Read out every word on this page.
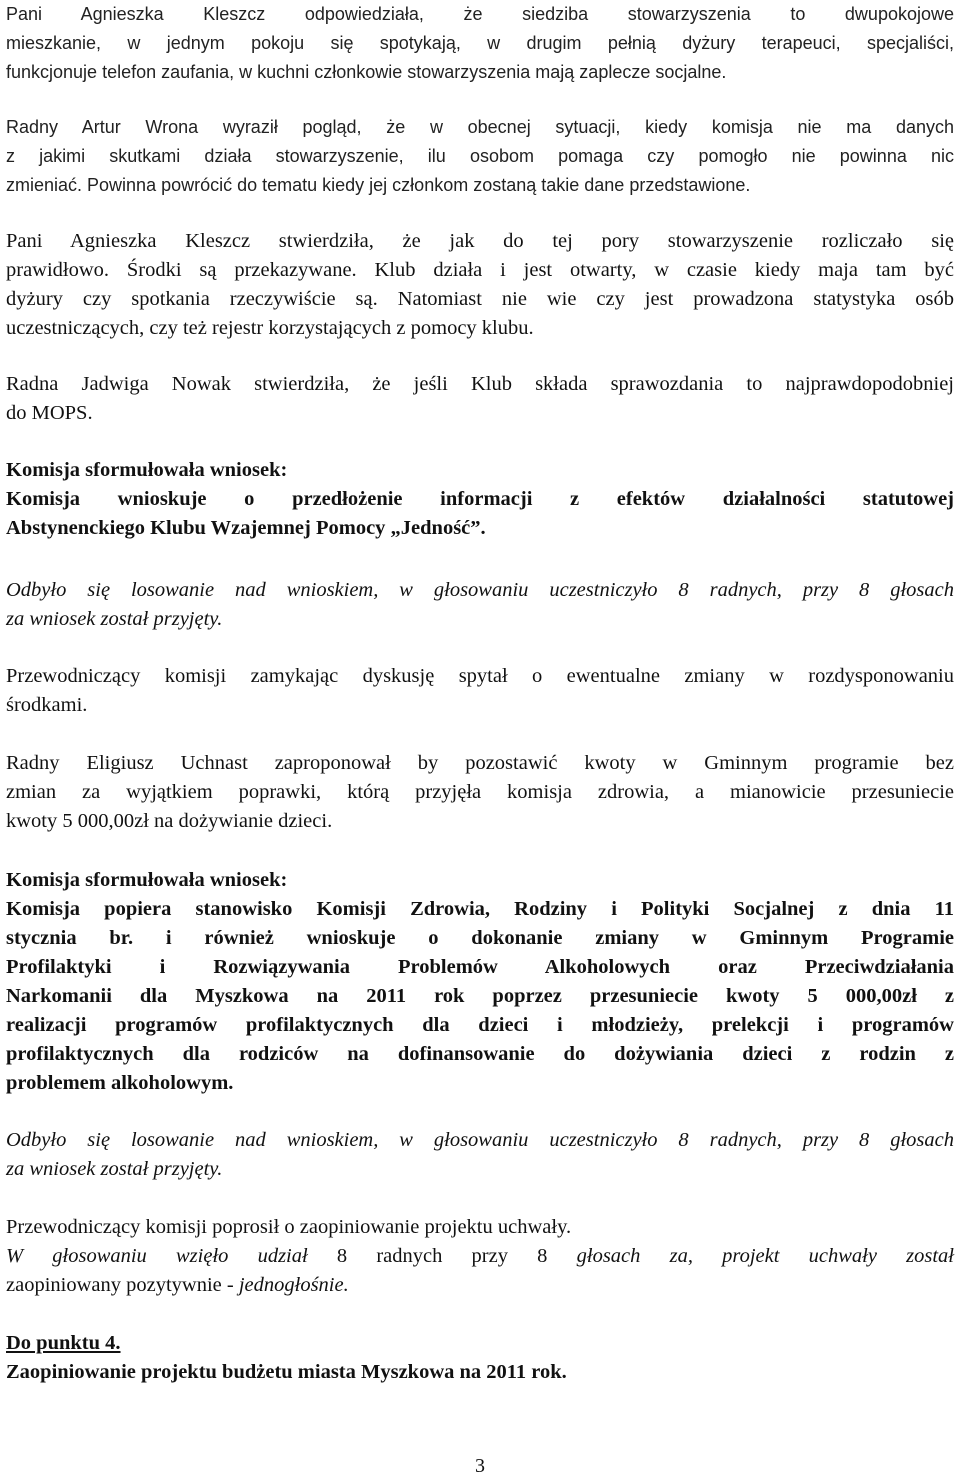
Pani Agnieszka Kleszcz odpowiedziała, że siedziba stowarzyszenia to dwupokojowe
mieszkanie, w jednym pokoju się spotykają, w drugim pełnią dyżury terapeuci, specjaliści,
funkcjonuje telefon zaufania, w kuchni członkowie stowarzyszenia mają zaplecze socjalne.

Radny Artur Wrona wyraził pogląd, że w obecnej sytuacji, kiedy komisja nie ma danych
z jakimi skutkami działa stowarzyszenie, ilu osobom pomaga czy pomogło nie powinna nic
zmieniać. Powinna powrócić do tematu kiedy jej członkom zostaną takie dane przedstawione.

Pani Agnieszka Kleszcz stwierdziła, że jak do tej pory stowarzyszenie rozliczało się
prawidłowo. Środki są przekazywane. Klub działa i jest otwarty, w czasie kiedy maja tam być
dyżury czy spotkania rzeczywiście są. Natomiast nie wie czy jest prowadzona statystyka osób
uczestniczących, czy też rejestr korzystających z pomocy klubu.

Radna Jadwiga Nowak stwierdziła, że jeśli Klub składa sprawozdania to najprawdopodobniej
do MOPS.

Komisja sformułowała wniosek:
Komisja wnioskuje o przedłożenie informacji z efektów działalności statutowej
Abstynenckiego Klubu Wzajemnej Pomocy „Jedność”.

Odbyło się losowanie nad wnioskiem, w głosowaniu uczestniczyło 8 radnych, przy 8 głosach
za wniosek został przyjęty.

Przewodniczący komisji zamykając dyskusję spytał o ewentualne zmiany w rozdysponowaniu
środkami.

Radny Eligiusz Uchnast zaproponował by pozostawić kwoty w Gminnym programie bez
zmian za wyjątkiem poprawki, którą przyjęła komisja zdrowia, a mianowicie przesuniecie
kwoty 5 000,00zł na dożywianie dzieci.

Komisja sformułowała wniosek:
Komisja popiera stanowisko Komisji Zdrowia, Rodziny i Polityki Socjalnej z dnia 11
stycznia br. i również wnioskuje o dokonanie zmiany w Gminnym Programie
Profilaktyki i Rozwiązywania Problemów Alkoholowych oraz Przeciwdziałania
Narkomanii dla Myszkowa na 2011 rok poprzez przesuniecie kwoty 5 000,00zł z
realizacji programów profilaktycznych dla dzieci i młodzieży, prelekcji i programów
profilaktycznych dla rodziców na dofinansowanie do dożywiania dzieci z rodzin z
problemem alkoholowym.

Odbyło się losowanie nad wnioskiem, w głosowaniu uczestniczyło 8 radnych, przy 8 głosach
za wniosek został przyjęty.

Przewodniczący komisji poprosił o zaopiniowanie projektu uchwały.
W głosowaniu wzięło udział 8 radnych przy 8 głosach za, projekt uchwały został
zaopiniowany pozytywnie - jednogłośnie.

Do punktu 4.
Zaopiniowanie projektu budżetu miasta Myszkowa na 2011 rok.

3
